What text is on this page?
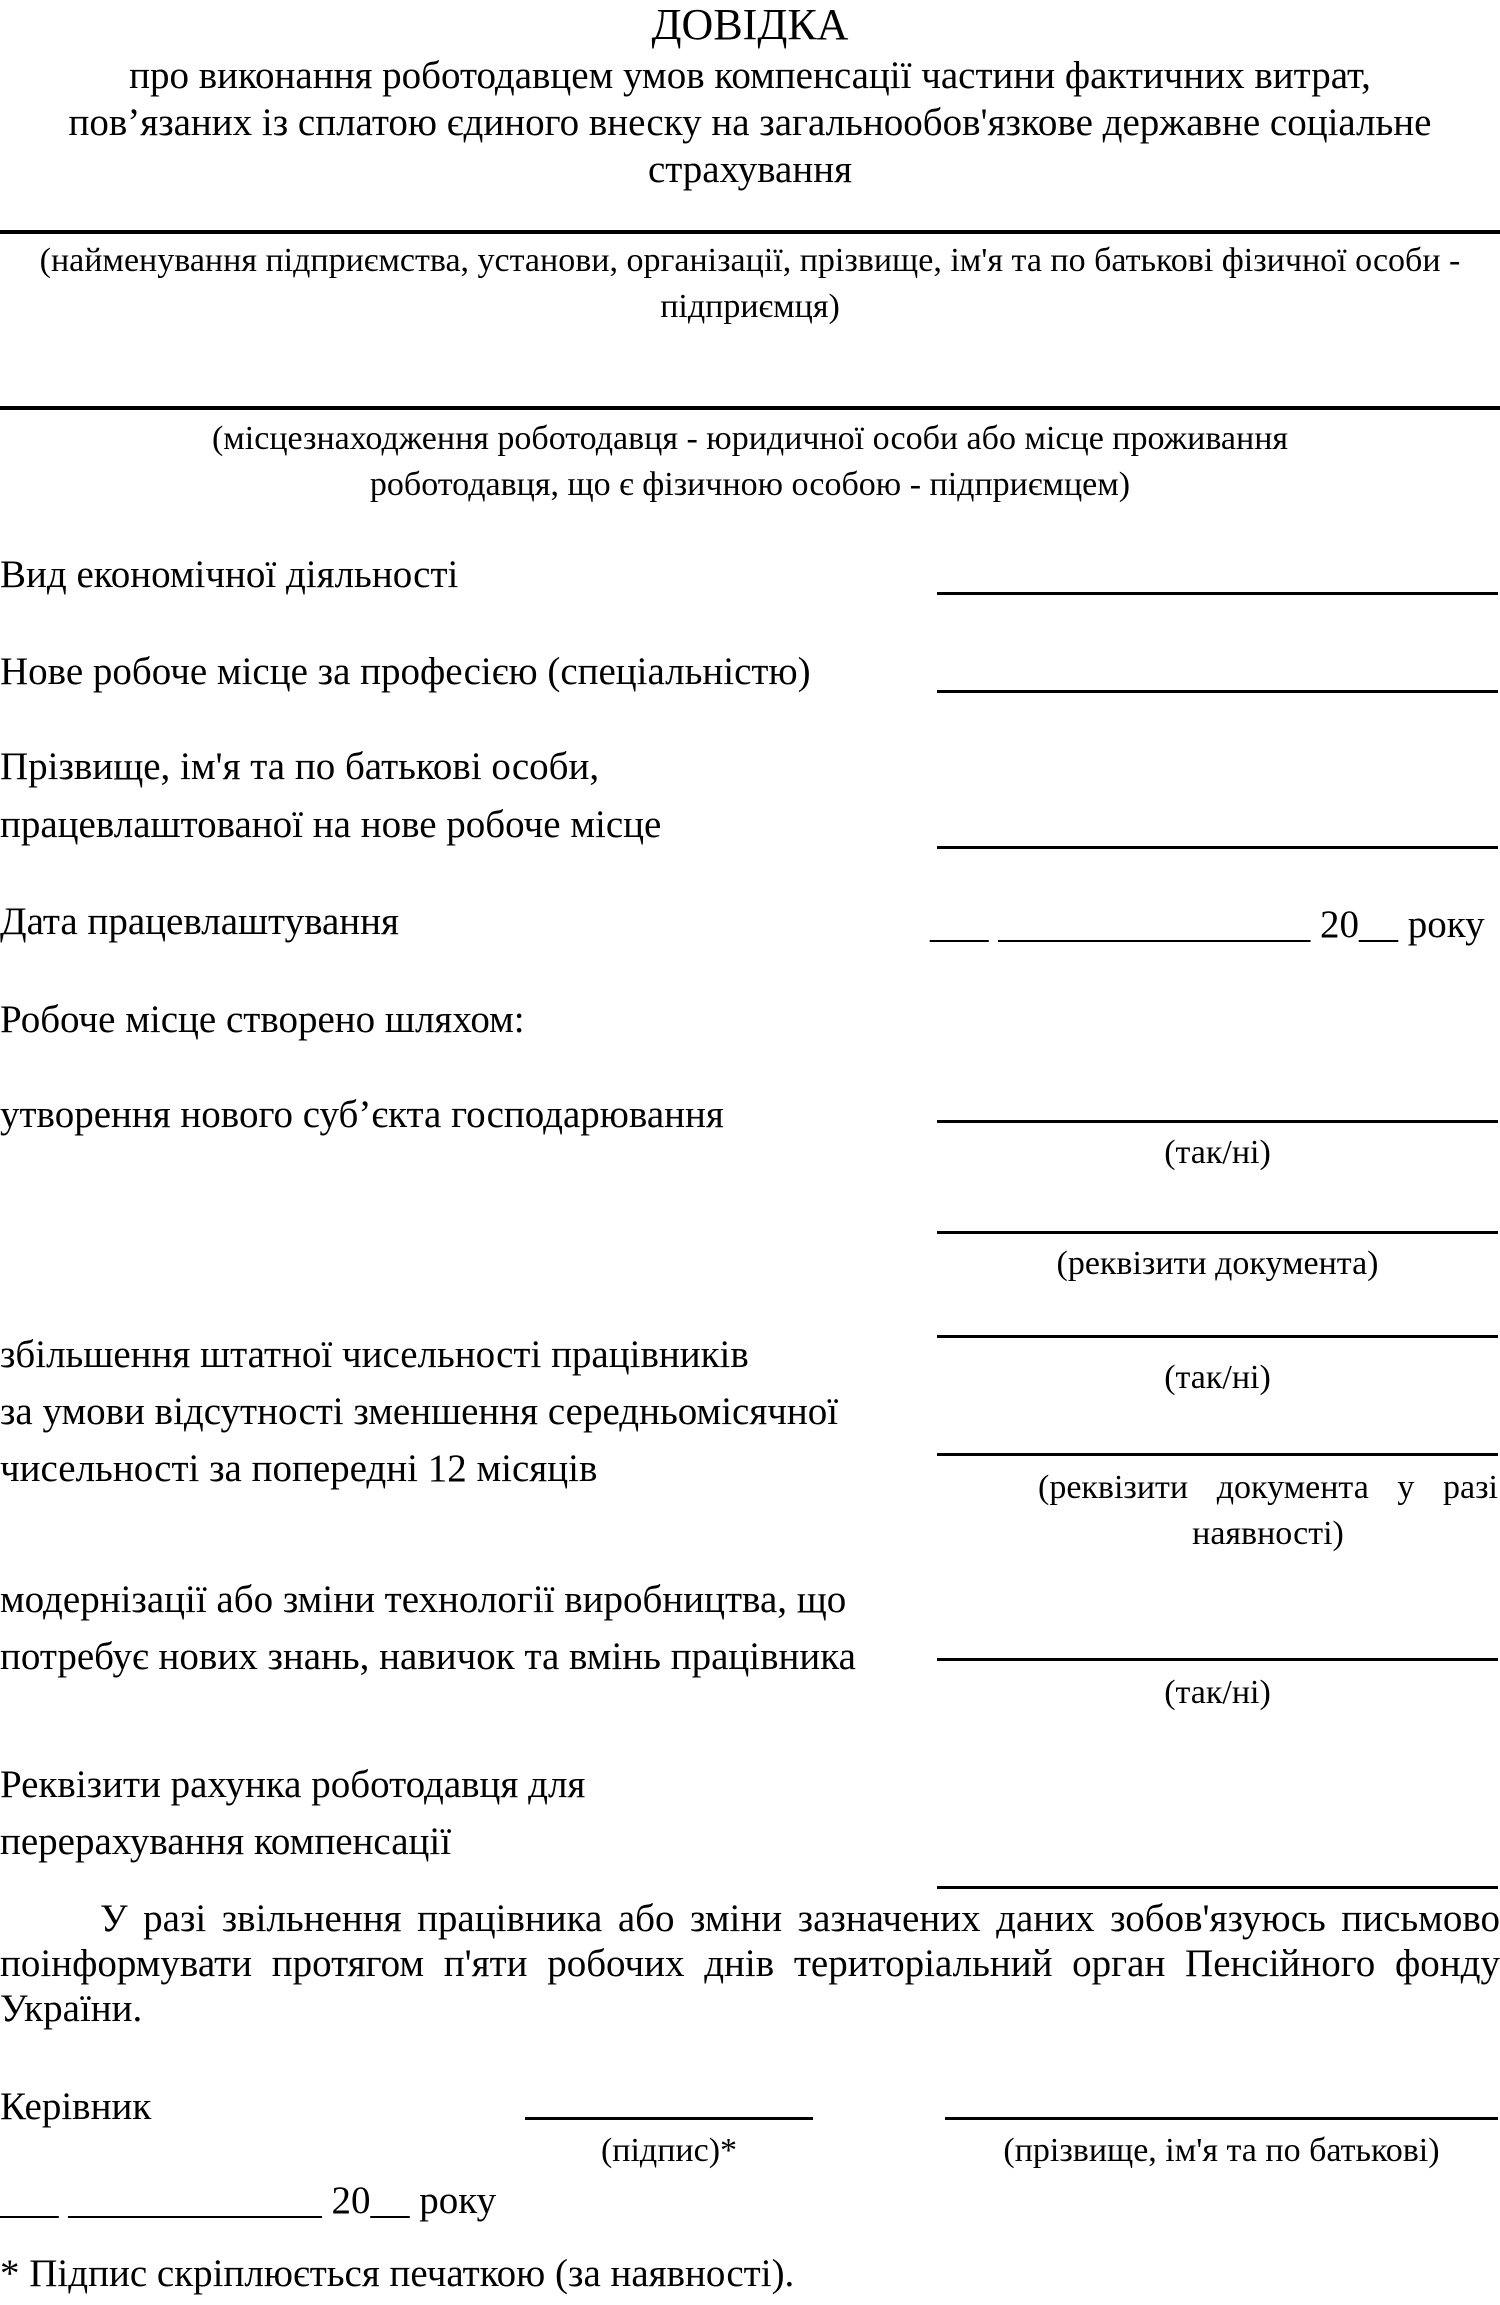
ДОВІДКА
про виконання роботодавцем умов компенсації частини фактичних витрат,
пов’язаних із сплатою єдиного внеску на загальнообов'язкове державне соціальне
страхування
(найменування підприємства, установи, організації, прізвище, ім'я та по батькові фізичної особи -
підприємця)
(місцезнаходження роботодавця - юридичної особи або місце проживання
роботодавця, що є фізичною особою - підприємцем)
Вид економічної діяльності
Нове робоче місце за професією (спеціальністю)
Прізвище, ім'я та по батькові особи,
працевлаштованої на нове робоче місце
Дата працевлаштування	___ ________________ 20__ року
Робоче місце створено шляхом:
утворення нового суб’єкта господарювання
(так/ні)
(реквізити документа)
збільшення штатної чисельності працівників
за умови відсутності зменшення середньомісячної
чисельності за попередні 12 місяців
(так/ні)
(реквізити документа у разі наявності)
модернізації або зміни технології виробництва, що
потребує нових знань, навичок та вмінь працівника
(так/ні)
Реквізити рахунка роботодавця для
перерахування компенсації
У разі звільнення працівника або зміни зазначених даних зобов'язуюсь письмово поінформувати протягом п'яти робочих днів територіальний орган Пенсійного фонду України.
Керівник
(підпис)*	(прізвище, ім'я та по батькові)
___ _____________ 20__ року
* Підпис скріплюється печаткою (за наявності).
